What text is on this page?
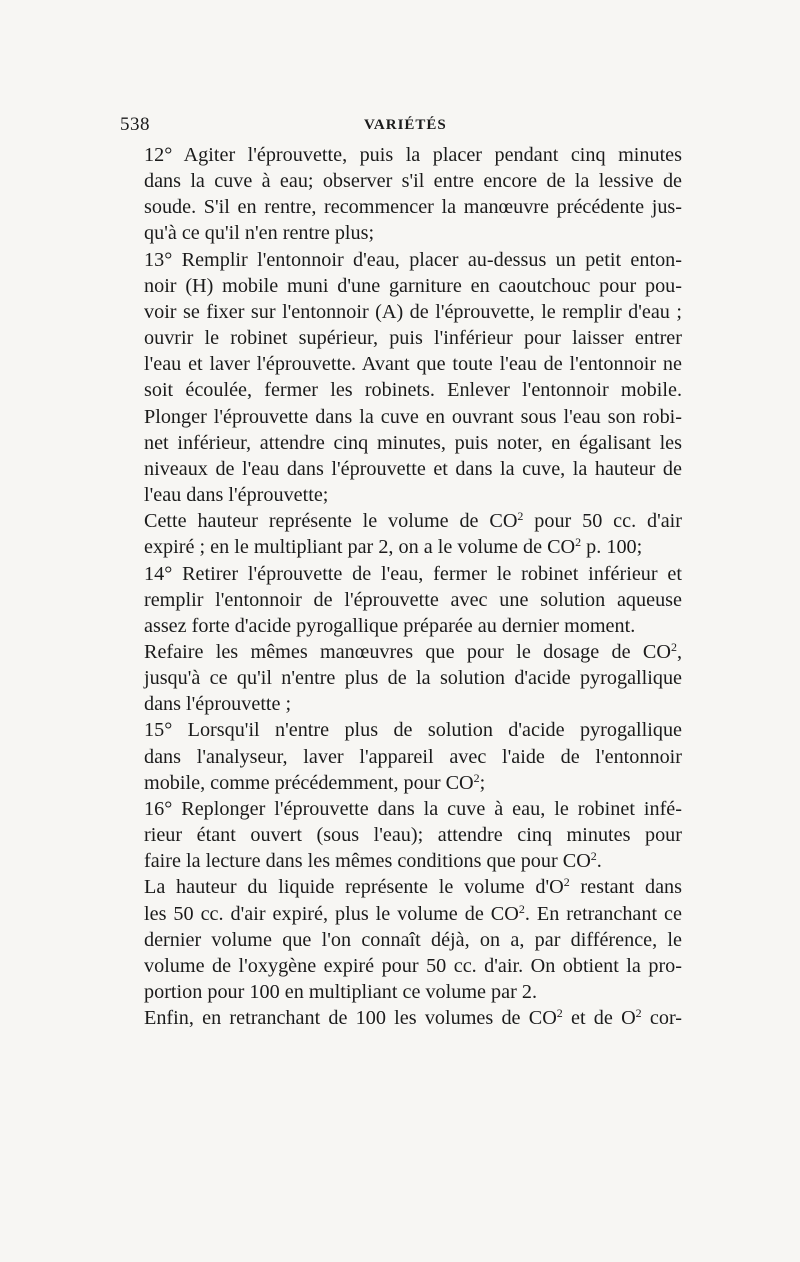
538	VARIÉTÉS

12° Agiter l'éprouvette, puis la placer pendant cinq minutes
dans la cuve à eau; observer s'il entre encore de la lessive de
soude. S'il en rentre, recommencer la manœuvre précédente jus-
qu'à ce qu'il n'en rentre plus;

13° Remplir l'entonnoir d'eau, placer au-dessus un petit enton-
noir (H) mobile muni d'une garniture en caoutchouc pour pou-
voir se fixer sur l'entonnoir (A) de l'éprouvette, le remplir d'eau ;
ouvrir le robinet supérieur, puis l'inférieur pour laisser entrer
l'eau et laver l'éprouvette. Avant que toute l'eau de l'entonnoir ne
soit écoulée, fermer les robinets. Enlever l'entonnoir mobile.
Plonger l'éprouvette dans la cuve en ouvrant sous l'eau son robi-
net inférieur, attendre cinq minutes, puis noter, en égalisant les
niveaux de l'eau dans l'éprouvette et dans la cuve, la hauteur de
l'eau dans l'éprouvette;

Cette hauteur représente le volume de $CO^2$ pour 50 cc. d'air
expiré ; en le multipliant par 2, on a le volume de $CO^2$ p. 100;

14° Retirer l'éprouvette de l'eau, fermer le robinet inférieur et
remplir l'entonnoir de l'éprouvette avec une solution aqueuse
assez forte d'acide pyrogallique préparée au dernier moment.

Refaire les mêmes manœuvres que pour le dosage de $CO^2$,
jusqu'à ce qu'il n'entre plus de la solution d'acide pyrogallique
dans l'éprouvette ;

15° Lorsqu'il n'entre plus de solution d'acide pyrogallique
dans l'analyseur, laver l'appareil avec l'aide de l'entonnoir
mobile, comme précédemment, pour $CO^2$;

16° Replonger l'éprouvette dans la cuve à eau, le robinet infé-
rieur étant ouvert (sous l'eau); attendre cinq minutes pour
faire la lecture dans les mêmes conditions que pour $CO^2$.

La hauteur du liquide représente le volume $d'O^2$ restant dans
les 50 cc. d'air expiré, plus le volume de $CO^2$. En retranchant ce
dernier volume que l'on connaît déjà, on a, par différence, le
volume de l'oxygène expiré pour 50 cc. d'air. On obtient la pro-
portion pour 100 en multipliant ce volume par 2.

Enfin, en retranchant de 100 les volumes de $CO^2$ et de $O^2$ cor-
